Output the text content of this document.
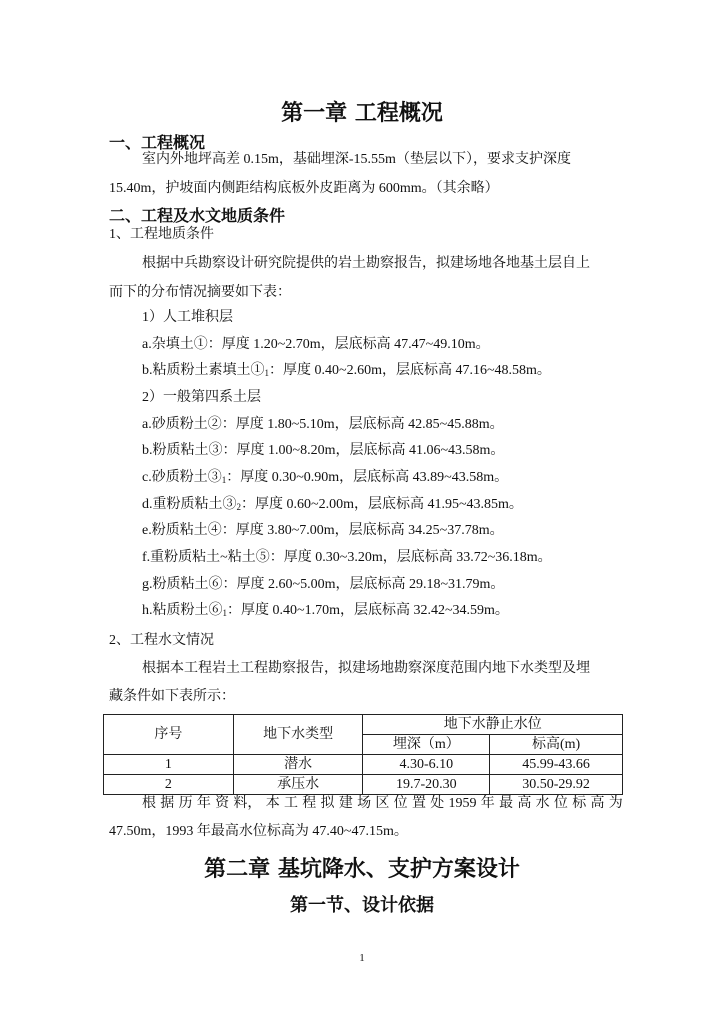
第一章 工程概况
一、工程概况
室内外地坪高差 0.15m，基础埋深-15.55m（垫层以下），要求支护深度
15.40m，护坡面内侧距结构底板外皮距离为 600mm。（其余略）
二、工程及水文地质条件
1、工程地质条件
根据中兵勘察设计研究院提供的岩土勘察报告，拟建场地各地基土层自上
而下的分布情况摘要如下表：
1）人工堆积层
a.杂填土①：厚度 1.20~2.70m，层底标高 47.47~49.10m。
b.粘质粉土素填土$①_1$：厚度 0.40~2.60m，层底标高 47.16~48.58m。
2）一般第四系土层
a.砂质粉土②：厚度 1.80~5.10m，层底标高 42.85~45.88m。
b.粉质粘土③：厚度 1.00~8.20m，层底标高 41.06~43.58m。
c.砂质粉土$③_1$：厚度 0.30~0.90m，层底标高 43.89~43.58m。
d.重粉质粘土$③_2$：厚度 0.60~2.00m，层底标高 41.95~43.85m。
e.粉质粘土④：厚度 3.80~7.00m，层底标高 34.25~37.78m。
f.重粉质粘土~粘土⑤：厚度 0.30~3.20m，层底标高 33.72~36.18m。
g.粉质粘土⑥：厚度 2.60~5.00m，层底标高 29.18~31.79m。
h.粘质粉土$⑥_1$：厚度 0.40~1.70m，层底标高 32.42~34.59m。
2、工程水文情况
根据本工程岩土工程勘察报告，拟建场地勘察深度范围内地下水类型及埋
藏条件如下表所示：
序号	地下水类型	地下水静止水位	
		埋深（m）	标高(m)
1	潜水	4.30-6.10	45.99-43.66
2	承压水	19.7-20.30	30.50-29.92
根 据 历 年 资 料， 本 工 程 拟 建 场 区 位 置 处 1959 年 最 高 水 位 标 高 为
47.50m，1993 年最高水位标高为 47.40~47.15m。
第二章 基坑降水、支护方案设计
第一节、设计依据
1
